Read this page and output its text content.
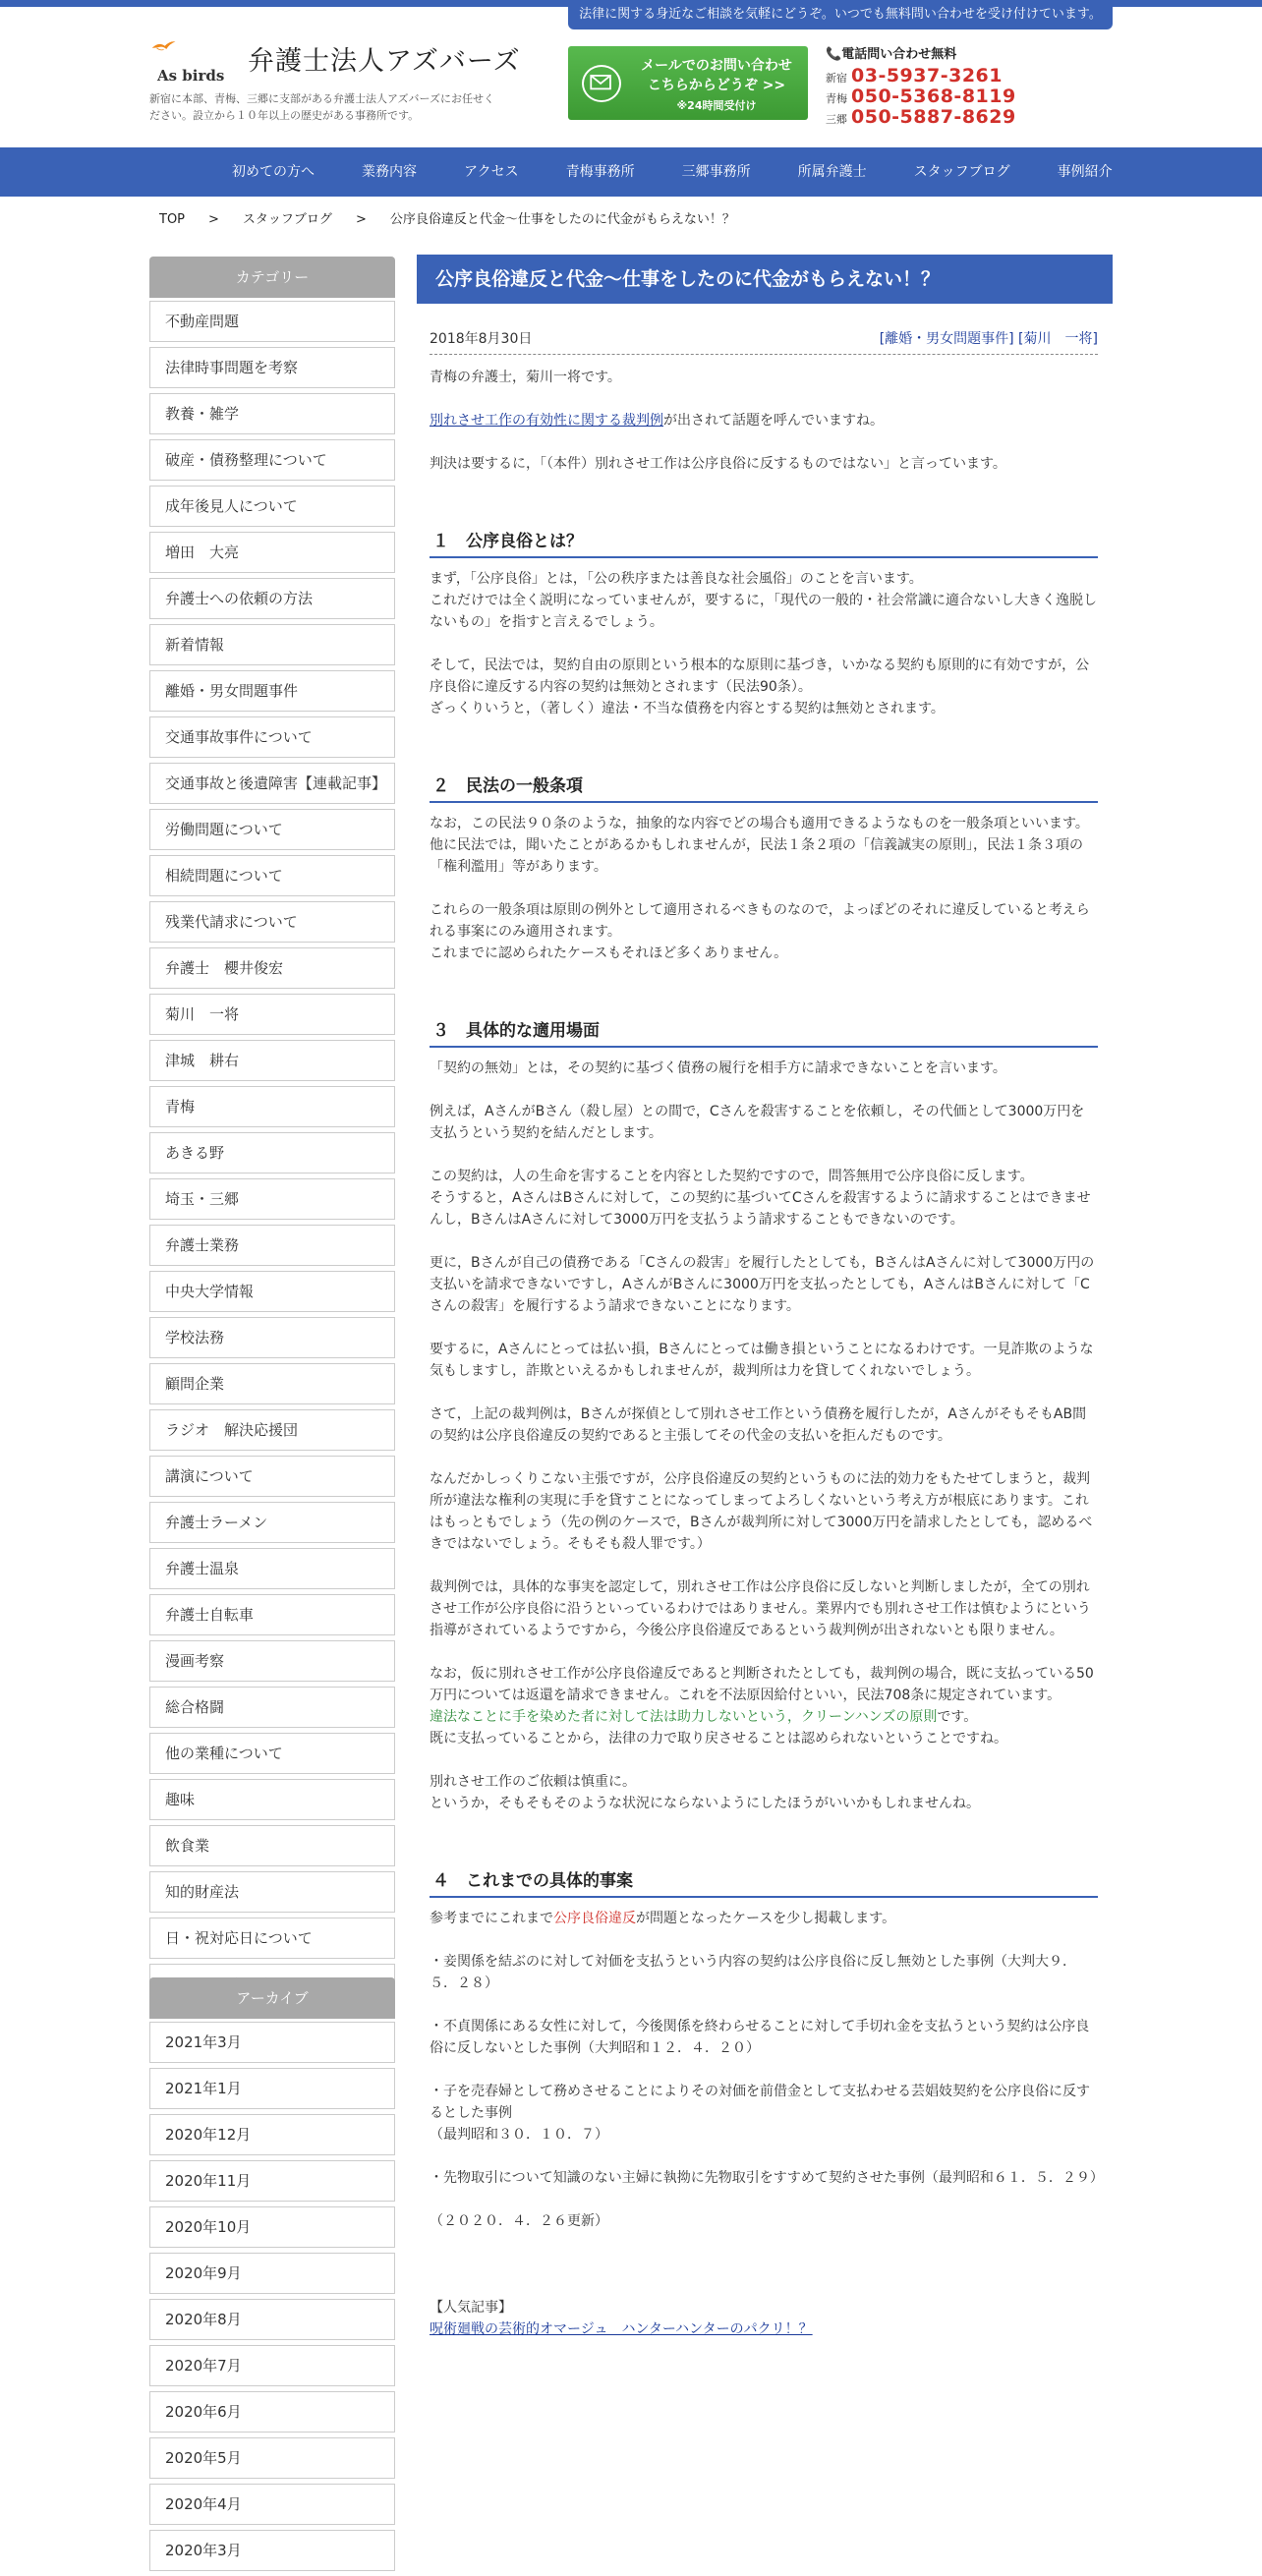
法律に関する身近なご相談を気軽にどうぞ。いつでも無料問い合わせを受け付けています。
As birds 弁護士法人アズバーズ
新宿に本部、青梅、三郷に支部がある弁護士法人アズバーズにお任せください。設立から１０年以上の歴史がある事務所です。
メールでのお問い合わせ
こちらからどうぞ >>
※24時間受付け
📞電話問い合わせ無料
新宿 03-5937-3261
青梅 050-5368-8119
三郷 050-5887-8629
初めての方へ	業務内容	アクセス	青梅事務所	三郷事務所	所属弁護士	スタッフブログ	事例紹介
TOP > スタッフブログ > 公序良俗違反と代金～仕事をしたのに代金がもらえない！？
カテゴリー
不動産問題
法律時事問題を考察
教養・雑学
破産・債務整理について
成年後見人について
増田　大亮
弁護士への依頼の方法
新着情報
離婚・男女問題事件
交通事故事件について
交通事故と後遺障害【連載記事】
労働問題について
相続問題について
残業代請求について
弁護士　櫻井俊宏
菊川　一将
津城　耕右
青梅
あきる野
埼玉・三郷
弁護士業務
中央大学情報
学校法務
顧問企業
ラジオ　解決応援団
講演について
弁護士ラーメン
弁護士温泉
弁護士自転車
漫画考察
総合格闘
他の業種について
趣味
飲食業
知的財産法
日・祝対応日について
アーカイブ
2021年3月
2021年1月
2020年12月
2020年11月
2020年10月
2020年9月
2020年8月
2020年7月
2020年6月
2020年5月
2020年4月
2020年3月
公序良俗違反と代金～仕事をしたのに代金がもらえない！？
2018年8月30日	[離婚・男女問題事件] [菊川　一将]

青梅の弁護士，菊川一将です。

別れさせ工作の有効性に関する裁判例が出されて話題を呼んでいますね。

判決は要するに，「（本件）別れさせ工作は公序良俗に反するものではない」と言っています。

１　公序良俗とは？

まず，「公序良俗」とは，「公の秩序または善良な社会風俗」のことを言います。

これだけでは全く説明になっていませんが，要するに，「現代の一般的・社会常識に適合ないし大きく逸脱しないもの」を指すと言えるでしょう。

そして，民法では，契約自由の原則という根本的な原則に基づき，いかなる契約も原則的に有効ですが，公序良俗に違反する内容の契約は無効とされます（民法90条）。

ざっくりいうと，（著しく）違法・不当な債務を内容とする契約は無効とされます。

２　民法の一般条項

なお，この民法９０条のような，抽象的な内容でどの場合も適用できるようなものを一般条項といいます。

他に民法では，聞いたことがあるかもしれませんが，民法１条２項の「信義誠実の原則」，民法１条３項の「権利濫用」等があります。

これらの一般条項は原則の例外として適用されるべきものなので，よっぽどのそれに違反していると考えられる事案にのみ適用されます。

これまでに認められたケースもそれほど多くありません。

３　具体的な適用場面

「契約の無効」とは，その契約に基づく債務の履行を相手方に請求できないことを言います。

例えば，AさんがBさん（殺し屋）との間で，Cさんを殺害することを依頼し，その代価として3000万円を支払うという契約を結んだとします。

この契約は，人の生命を害することを内容とした契約ですので，問答無用で公序良俗に反します。

そうすると，AさんはBさんに対して，この契約に基づいてCさんを殺害するように請求することはできませんし，BさんはAさんに対して3000万円を支払うよう請求することもできないのです。

更に，Bさんが自己の債務である「Cさんの殺害」を履行したとしても，BさんはAさんに対して3000万円の支払いを請求できないですし，AさんがBさんに3000万円を支払ったとしても，AさんはBさんに対して「Cさんの殺害」を履行するよう請求できないことになります。

要するに，Aさんにとっては払い損，Bさんにとっては働き損ということになるわけです。一見詐欺のような気もしますし，詐欺といえるかもしれませんが，裁判所は力を貸してくれないでしょう。

さて，上記の裁判例は，Bさんが探偵として別れさせ工作という債務を履行したが，AさんがそもそもAB間の契約は公序良俗違反の契約であると主張してその代金の支払いを拒んだものです。

なんだかしっくりこない主張ですが，公序良俗違反の契約というものに法的効力をもたせてしまうと，裁判所が違法な権利の実現に手を貸すことになってしまってよろしくないという考え方が根底にあります。これはもっともでしょう（先の例のケースで，Bさんが裁判所に対して3000万円を請求したとしても，認めるべきではないでしょう。そもそも殺人罪です。）

裁判例では，具体的な事実を認定して，別れさせ工作は公序良俗に反しないと判断しましたが，全ての別れさせ工作が公序良俗に沿うといっているわけではありません。業界内でも別れさせ工作は慎むようにという指導がされているようですから，今後公序良俗違反であるという裁判例が出されないとも限りません。

なお，仮に別れさせ工作が公序良俗違反であると判断されたとしても，裁判例の場合，既に支払っている50万円については返還を請求できません。これを不法原因給付といい，民法708条に規定されています。

違法なことに手を染めた者に対して法は助力しないという，クリーンハンズの原則です。

既に支払っていることから，法律の力で取り戻させることは認められないということですね。

別れさせ工作のご依頼は慎重に。

というか，そもそもそのような状況にならないようにしたほうがいいかもしれませんね。

４　これまでの具体的事案

参考までにこれまで公序良俗違反が問題となったケースを少し掲載します。

・妾関係を結ぶのに対して対価を支払うという内容の契約は公序良俗に反し無効とした事例（大判大９．５．２８）

・不貞関係にある女性に対して，今後関係を終わらせることに対して手切れ金を支払うという契約は公序良俗に反しないとした事例（大判昭和１２．４．２０）

・子を売春婦として務めさせることによりその対価を前借金として支払わせる芸娼妓契約を公序良俗に反するとした事例

（最判昭和３０．１０．７）

・先物取引について知識のない主婦に執拗に先物取引をすすめて契約させた事例（最判昭和６１．５．２９）

（２０２０．４．２６更新）

【人気記事】

呪術廻戦の芸術的オマージュ　ハンターハンターのパクリ！？
